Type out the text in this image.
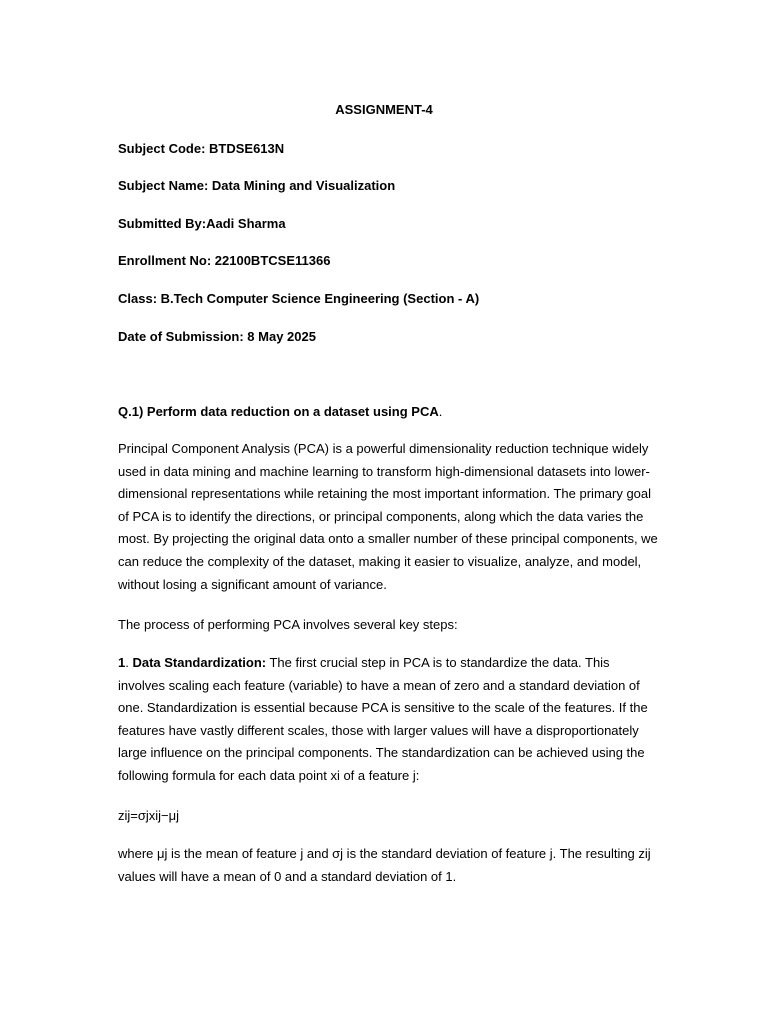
ASSIGNMENT-4
Subject Code: BTDSE613N
Subject Name: Data Mining and Visualization
Submitted By:Aadi Sharma
Enrollment No: 22100BTCSE11366
Class: B.Tech Computer Science Engineering (Section - A)
Date of Submission: 8 May 2025
Q.1) Perform data reduction on a dataset using PCA.
Principal Component Analysis (PCA) is a powerful dimensionality reduction technique widely used in data mining and machine learning to transform high-dimensional datasets into lower-dimensional representations while retaining the most important information. The primary goal of PCA is to identify the directions, or principal components, along which the data varies the most. By projecting the original data onto a smaller number of these principal components, we can reduce the complexity of the dataset, making it easier to visualize, analyze, and model, without losing a significant amount of variance.
The process of performing PCA involves several key steps:
1. Data Standardization: The first crucial step in PCA is to standardize the data. This involves scaling each feature (variable) to have a mean of zero and a standard deviation of one. Standardization is essential because PCA is sensitive to the scale of the features. If the features have vastly different scales, those with larger values will have a disproportionately large influence on the principal components. The standardization can be achieved using the following formula for each data point xi of a feature j:
zij=σjxij−μj
where μj is the mean of feature j and σj is the standard deviation of feature j. The resulting zij values will have a mean of 0 and a standard deviation of 1.
